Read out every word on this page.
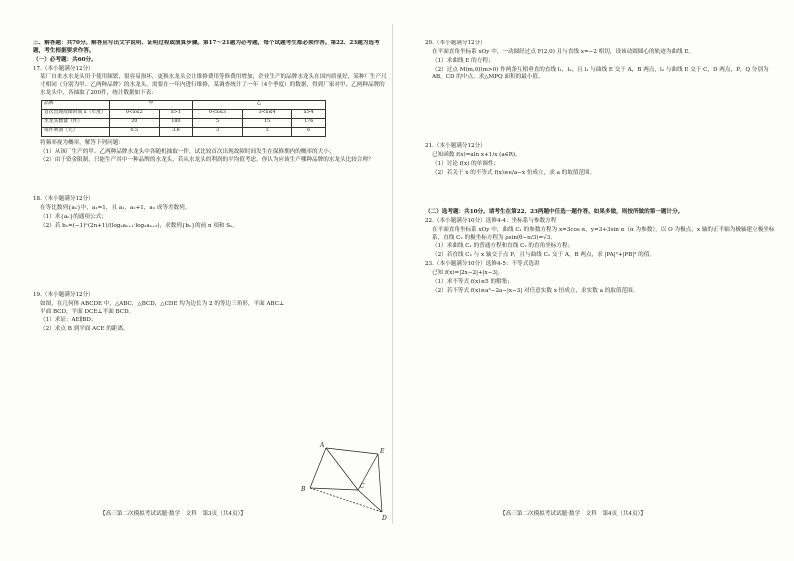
三、解答题：共70分。解答应写出文字说明、证明过程或演算步骤。第17～21题为必考题，每个试题考生都必须作答。第22、23题为选考题，考生根据要求作答。
（一）必考题：共60分。
17.（本小题满分12分）
某厂自来水水龙头用于使用频繁，很容易损坏，更换水龙头会让维修费用等修费用增加，企业生产的品牌水龙头在国内质量好，某种厂生产尺寸相同（分别为甲、乙两种品牌）的水龙头，需要在一年内进行维修，某调查统计了一年（4个季度）的数据，得到厂家对甲、乙两种品牌的水龙头中，各抽取了200件，统计数据如下表：
品牌	甲		乙		
首次出现故障时间 x（年度）	0<x≤2	x>1	0<x≤3	3<x≤4	x>4
水龙头数量（件）	20	180	5	15	176
每件利润（元）	0.5	3.8	3	3	6
将频率视为概率，解答下列问题：
（1）从该厂生产的甲、乙两种品牌水龙头中各随机抽取一件，试比较首次出现故障时间发生在保修期内的概率的大小；
（2）由于资金限制，只能生产其中一种品牌的水龙头，若从水龙头的利润的平均值考虑，你认为应该生产哪种品牌的水龙头比较合理？
18.（本小题满分12分）
在等比数列{aₙ}中，a₁=1，且 a₁，a₂+1，a₃ 成等差数列。
（1）求{aₙ}的通项公式；
（2）若 bₙ=(−1)ⁿ(2n+1)/(log₂aₙ₊₁·log₂aₙ₊₂)，求数列{bₙ}的前 n 项和 Sₙ。
19.（本小题满分12分）
如图，在几何体 ABCDE 中，△ABC，△BCD，△CDE 均为边长为 2 的等边三角形，平面 ABC⊥平面 BCD，平面 DCE⊥平面 BCD。
（1）求证：AE∥BD；
（2）求点 B 到平面 ACE 的距离。
A
E
B	C
D
20.（本小题满分12分）
在平面直角坐标系 xOy 中，一动圆经过点 F(2,0) 且与直线 x=−2 相切，设该动圆圆心的轨迹为曲线 E。
（1）求曲线 E 的方程；
（2）过点 M(m,0)(m>0) 作两条互相垂直的直线 l₁，l₂，且 l₁ 与曲线 E 交于 A，B 两点，l₂ 与曲线 E 交于 C，D 两点，P，Q 分别为 AB，CD 的中点，求△MPQ 面积的最小值。
21.（本小题满分12分）
已知函数 f(x)=aln x+1/x (a∈R)。
（1）讨论 f(x) 的单调性；
（2）若关于 x 的不等式 f(x)≥e/a−x 恒成立，求 a 的取值范围。
（二）选考题：共10分。请考生在第22、23两题中任选一题作答。如果多做，则按所做的第一题计分。
22.（本小题满分10分）选修4-4：坐标系与参数方程
在平面直角坐标系 xOy 中，曲线 C₁ 的参数方程为 x=3cos α，y=3+3sin α（α 为参数），以 O 为极点，x 轴的正半轴为极轴建立极坐标系，直线 C₂ 的极坐标方程为 ρsin(θ−π/3)=√3。
（1）求曲线 C₁ 的普通方程和直线 C₂ 的直角坐标方程；
（2）若直线 C₂ 与 x 轴交于点 P，且与曲线 C₁ 交于 A，B 两点，求 |PA|²+|PB|² 的值。
23.（本小题满分10分）选修4-5：不等式选讲
已知 f(x)=|2x−2|+|x−3|。
（1）求不等式 f(x)≤5 的解集；
（2）若不等式 f(x)≥a²−2a−|x−3| 对任意实数 x 恒成立，求实数 a 的取值范围。
【高三第二次模拟考试试题·数学　文科　第3页（共4页）】	【高三第二次模拟考试试题·数学　文科　第4页（共4页）】
